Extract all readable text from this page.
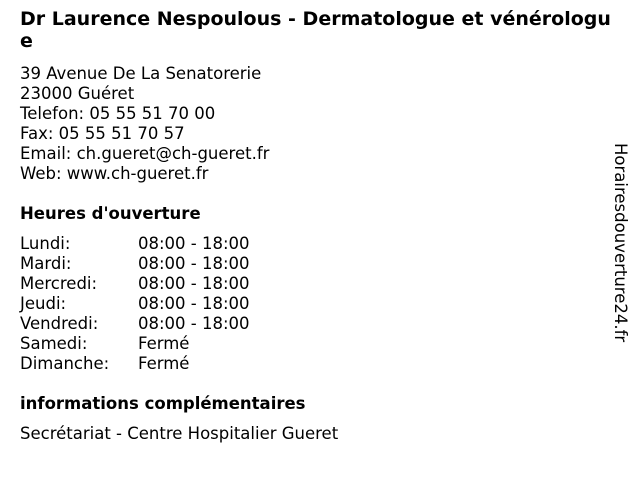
Dr Laurence Nespoulous - Dermatologue et vénérologue
39 Avenue De La Senatorerie
23000 Guéret
Telefon: 05 55 51 70 00
Fax: 05 55 51 70 57
Email: ch.gueret@ch-gueret.fr
Web: www.ch-gueret.fr
Heures d'ouverture
Lundi:	08:00 - 18:00
Mardi:	08:00 - 18:00
Mercredi:	08:00 - 18:00
Jeudi:	08:00 - 18:00
Vendredi:	08:00 - 18:00
Samedi:	Fermé
Dimanche:	Fermé
informations complémentaires
Secrétariat - Centre Hospitalier Gueret
Horairesdouverture24.fr
